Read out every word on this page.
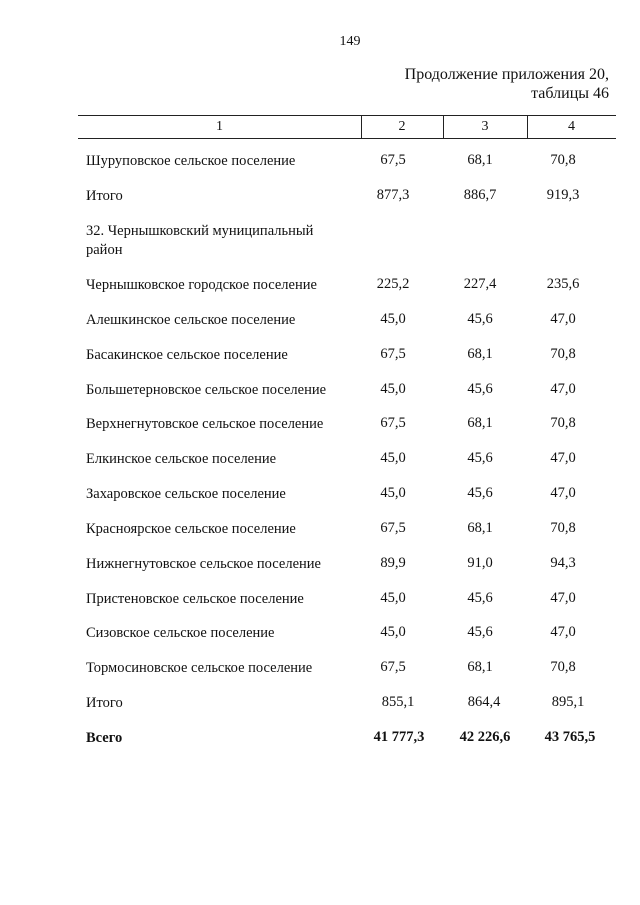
149
Продолжение приложения 20,
таблицы 46
1	2	3	4
Шуруповское сельское поселение	67,5	68,1	70,8
Итого	877,3	886,7	919,3
32. Чернышковский муниципальный район
Чернышковское городское поселение	225,2	227,4	235,6
Алешкинское сельское поселение	45,0	45,6	47,0
Басакинское сельское поселение	67,5	68,1	70,8
Большетерновское сельское поселение	45,0	45,6	47,0
Верхнегнутовское сельское поселение	67,5	68,1	70,8
Елкинское сельское поселение	45,0	45,6	47,0
Захаровское сельское поселение	45,0	45,6	47,0
Красноярское сельское поселение	67,5	68,1	70,8
Нижнегнутовское сельское поселение	89,9	91,0	94,3
Пристеновское сельское поселение	45,0	45,6	47,0
Сизовское сельское поселение	45,0	45,6	47,0
Тормосиновское сельское поселение	67,5	68,1	70,8
Итого	855,1	864,4	895,1
Всего	41 777,3	42 226,6	43 765,5
